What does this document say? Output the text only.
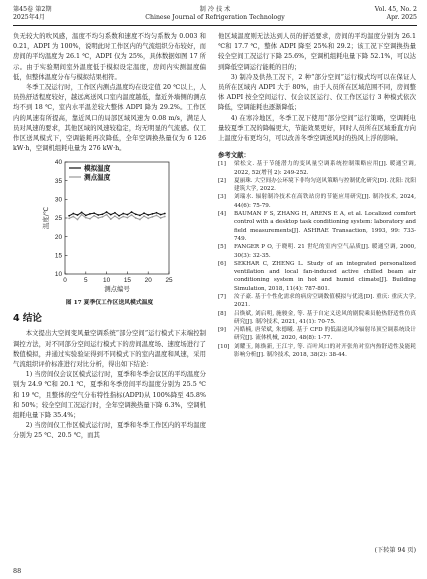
第45卷 第2期
2025年4月
制 冷 技 术
Chinese Journal of Refrigeration Technology
Vol. 45, No. 2
Apr. 2025

负无较大的吹风感，温度不均匀系数和速度不均匀系数为 0.003 和 0.21，ADPI 为 100%，说明此时工作区内的气流组织分布较好，而房间的平均温度为 26.1 ℃，ADPI 仅为 25%，具体数据如图 17 所示。由于实验期间室外温度低于模拟设定温度，房间内实测温度偏低，但整体温度分布与模拟结果相符。

冬季工况运行时，工作区内测点温度均在设定值 20 ℃以上，人员热舒适程度较好，越远离送风口室内温度越低，靠近外墙侧的测点均不到 18 ℃，室内水平温差较大整体 ADPI 降为 29.2%。工作区内的风速有所提高，靠近风口的局部区域风速为 0.08 m/s，满足人员对风速的要求，其他区域的风速较稳定，均无明显的气流感。仅工作区送风模式下，空调能耗再次降低，全年空调换热量仅为 6 126 kW·h，空调机组耗电量为 276 kW·h。

10
15
20
25
30
35
40
0	5 10 15 20 25
测点编号
温度/℃
模拟温度
测点温度
图 17 夏季仅工作区送风模式温度
4 结论

本文提出大空间变风量空调系统“部分空间”运行模式下末端控制调控方法，对不同部分空间运行模式下的房间温度场、速度场进行了数值模拟，并通过实验验证得到不同模式下的室内温度和风速，采用气流组织评价标准进行对比分析，得出如下结论：

1) 当房间仅会议区模式运行时，夏季和冬季会议区的平均温度分别为 24.9 ℃和 20.1 ℃，夏季和冬季房间平均温度分别为 25.5 ℃和 19 ℃，且整体的空气分布特性指标(ADPI)从 100%降至 45.8%和 50%；较全空间工况运行时，全年空调换热量下降 6.3%，空调机组耗电量下降 35.4%；

2) 当房间仅工作区模式运行时，夏季和冬季工作区内的平均温度分别为 25 ℃、20.5 ℃，而其

他区域温度则无法达到人员的舒适要求，房间的平均温度分别为 26.1 ℃和 17.7 ℃，整体 ADPI 降至 25%和 29.2；该工况下空调换热量较全空间工况运行下降 25.6%，空调机组耗电量下降 52.1%，可以达到降低空调运行能耗的目的；

3) 制冷及供热工况下，2 种“部分空间”运行模式均可以在保证人员所在区域内 ADPI 大于 80%，由于人员所在区域范围不同，房间整体 ADPI 按全空间运行、仅会议区运行、仅工作区运行 3 种模式依次降低，空调能耗也逐渐降低；

4) 在寒冷地区，冬季工况下使用“部分空间”运行策略，空调耗电量较夏季工况的降幅更大，节能效果更好，同时人员所在区域垂直方向上温度分布更均匀，可以改善冬季空调送风时的热风上浮的影响。

参考文献：
[1] 梁松文. 基于节能潜力的变风量空调系统控制策略应用[J]. 暖通空调, 2022, 52(增刊 2): 249-252.
[2] 夏丽珠. 大空间办公环境下非均匀送风策略与控制优化研究[D]. 沈阳: 沈阳建筑大学, 2022.
[3] 刘瑞水. 辐射制冷技术在高铁站房的节能应用研究[J]. 制冷技术, 2024, 44(6): 75-79.
[4] BAUMAN F S, ZHANG H, ARENS E A, et al. Localized comfort control with a desktop task conditioning system: laboratory and field measurements[J]. ASHRAE Transaction, 1993, 99: 733-749.
[5] FANGER P O, 于晓明. 21 世纪的室内空气品质[J]. 暖通空调, 2000, 30(3): 32-35.
[6] SEKHAR C, ZHENG L. Study of an integrated personalized ventilation and local fan-induced active chilled beam air conditioning system in hot and humid climate[J]. Building Simulation, 2018, 11(4): 787-801.
[7] 汝子豪. 基于个性化需求的病房空调数值模拟与优选[D]. 重庆: 重庆大学, 2021.
[8] 吕焕斌, 刘启明, 施骏金, 等. 基于自定义送风的剧院乘员舱热舒适性仿真研究[J]. 制冷技术, 2021, 41(1): 70-75.
[9] 冯皓楠, 唐荣斌, 朱德曦. 基于 CFD 的低温送风冷辐射吊顶空调系统设计研究[J]. 流体机械, 2020, 48(8): 1-77.
[10] 刘耀玉, 陈焕新, 王江宇, 等. 百叶风口的对开张角对室内热舒适性及能耗影响分析[J]. 制冷技术, 2018, 38(2): 38-44.
(下转第 94 页)
88
